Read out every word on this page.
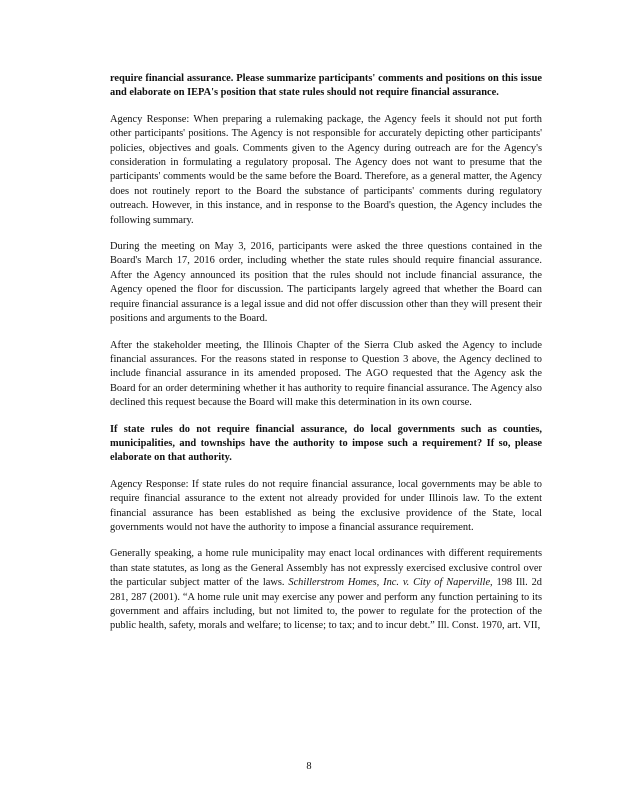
require financial assurance. Please summarize participants' comments and positions on this issue and elaborate on IEPA's position that state rules should not require financial assurance.

Agency Response: When preparing a rulemaking package, the Agency feels it should not put forth other participants' positions. The Agency is not responsible for accurately depicting other participants' policies, objectives and goals. Comments given to the Agency during outreach are for the Agency's consideration in formulating a regulatory proposal. The Agency does not want to presume that the participants' comments would be the same before the Board. Therefore, as a general matter, the Agency does not routinely report to the Board the substance of participants' comments during regulatory outreach. However, in this instance, and in response to the Board's question, the Agency includes the following summary.

During the meeting on May 3, 2016, participants were asked the three questions contained in the Board's March 17, 2016 order, including whether the state rules should require financial assurance. After the Agency announced its position that the rules should not include financial assurance, the Agency opened the floor for discussion. The participants largely agreed that whether the Board can require financial assurance is a legal issue and did not offer discussion other than they will present their positions and arguments to the Board.

After the stakeholder meeting, the Illinois Chapter of the Sierra Club asked the Agency to include financial assurances. For the reasons stated in response to Question 3 above, the Agency declined to include financial assurance in its amended proposed. The AGO requested that the Agency ask the Board for an order determining whether it has authority to require financial assurance. The Agency also declined this request because the Board will make this determination in its own course.

If state rules do not require financial assurance, do local governments such as counties, municipalities, and townships have the authority to impose such a requirement? If so, please elaborate on that authority.

Agency Response: If state rules do not require financial assurance, local governments may be able to require financial assurance to the extent not already provided for under Illinois law. To the extent financial assurance has been established as being the exclusive providence of the State, local governments would not have the authority to impose a financial assurance requirement.

Generally speaking, a home rule municipality may enact local ordinances with different requirements than state statutes, as long as the General Assembly has not expressly exercised exclusive control over the particular subject matter of the laws. Schillerstrom Homes, Inc. v. City of Naperville, 198 Ill. 2d 281, 287 (2001). “A home rule unit may exercise any power and perform any function pertaining to its government and affairs including, but not limited to, the power to regulate for the protection of the public health, safety, morals and welfare; to license; to tax; and to incur debt.” Ill. Const. 1970, art. VII,

8
